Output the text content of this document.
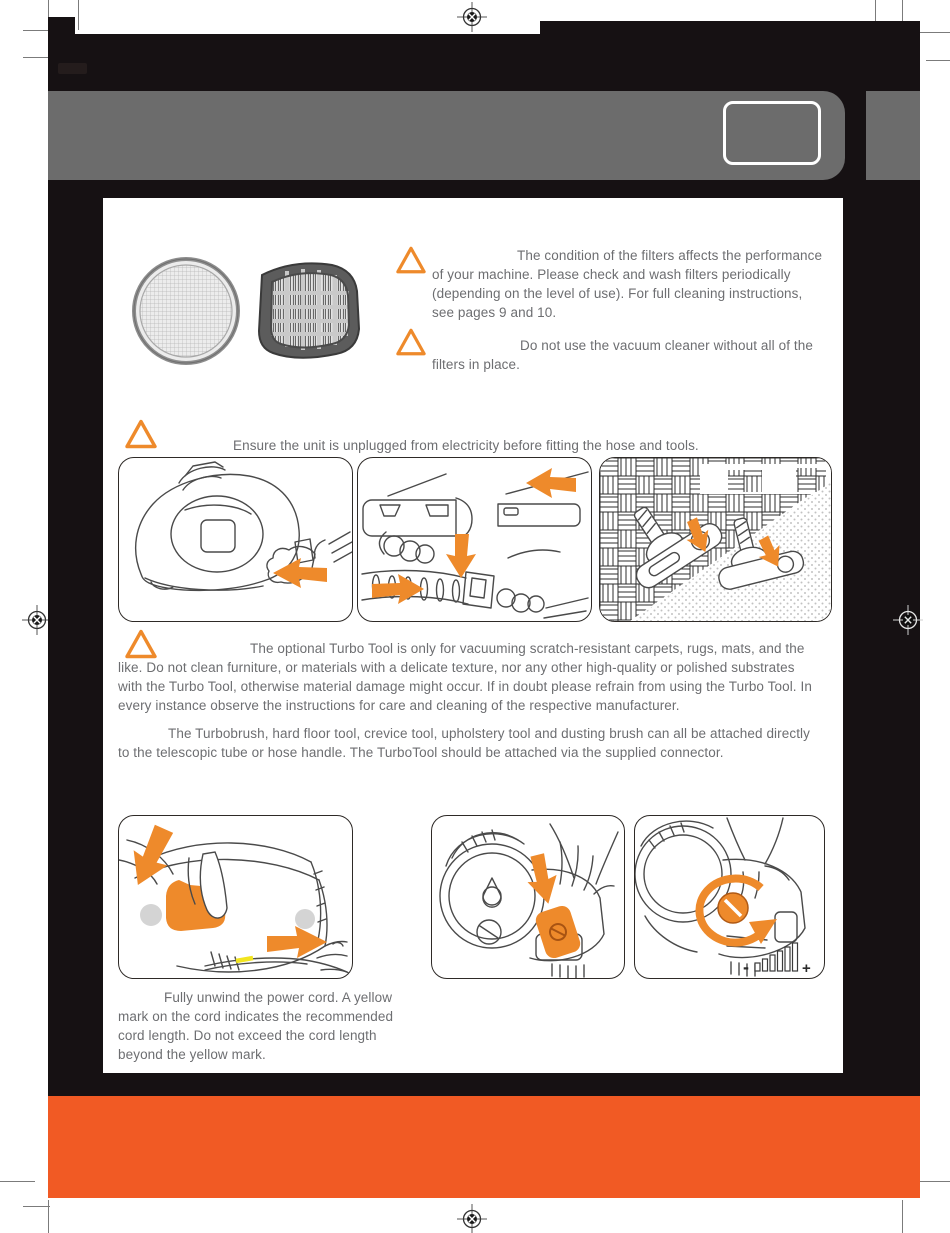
The condition of the filters affects the performance of your machine. Please check and wash filters periodically (depending on the level of use). For full cleaning instructions, see pages 9 and 10.
Do not use the vacuum cleaner without all of the filters in place.
Ensure the unit is unplugged from electricity before fitting the hose and tools.
The optional Turbo Tool is only for vacuuming scratch-resistant carpets, rugs, mats, and the like. Do not clean furniture, or materials with a delicate texture, nor any other high-quality or polished substrates with the Turbo Tool, otherwise material damage might occur. If in doubt please refrain from using the Turbo Tool. In every instance observe the instructions for care and cleaning of the respective manufacturer.
The Turbobrush, hard floor tool, crevice tool, upholstery tool and dusting brush can all be attached directly to the telescopic tube or hose handle. The TurboTool should be attached via the supplied connector.
-	+
Fully unwind the power cord. A yellow mark on the cord indicates the recommended cord length. Do not exceed the cord length beyond the yellow mark.
